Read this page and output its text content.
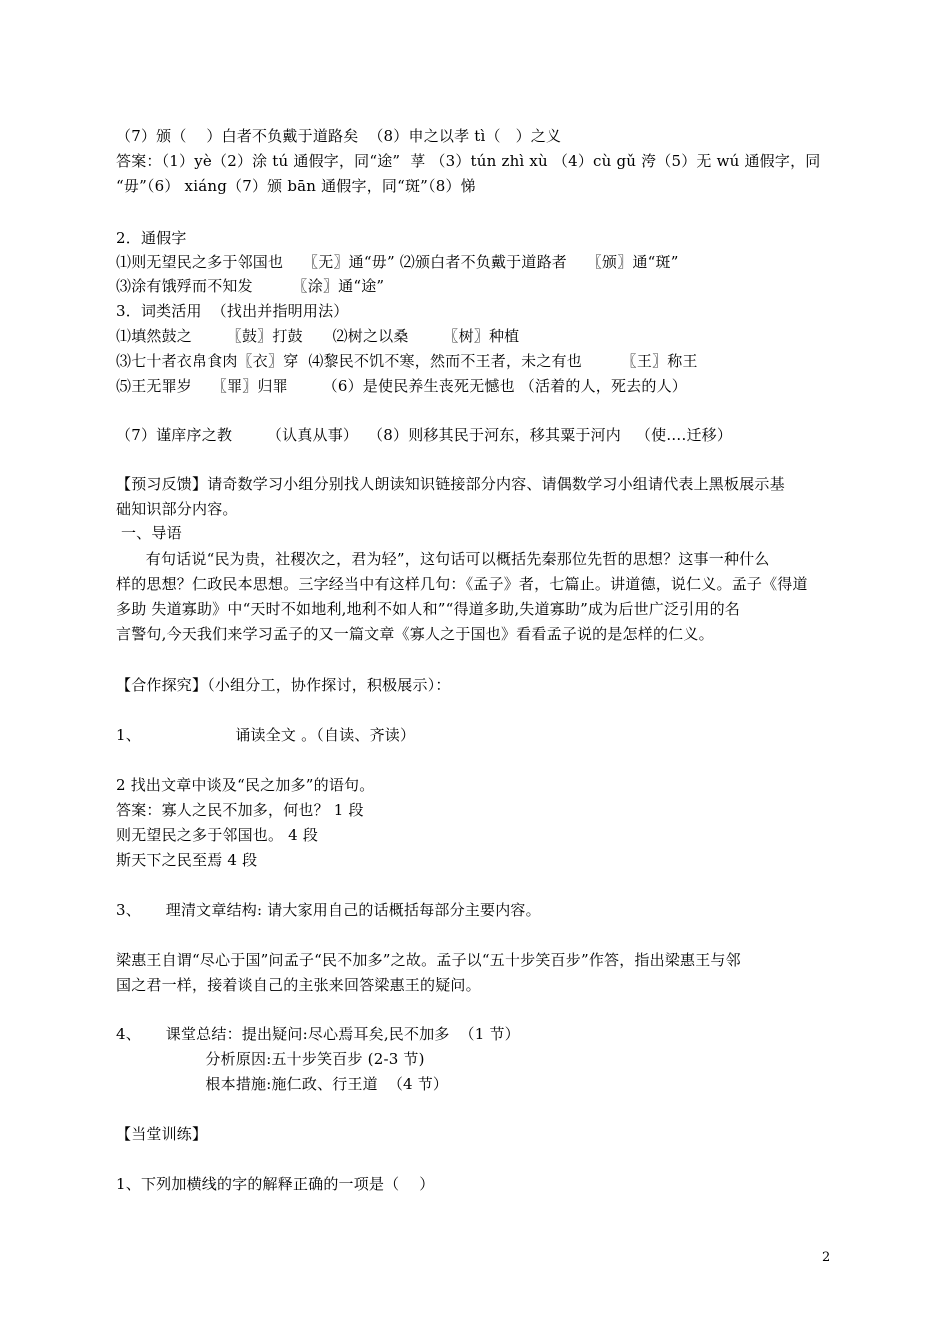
（7）颁（    ）白者不负戴于道路矣  （8）申之以孝 tì（   ）之义
答案：（1）yè（2）涂 tú 通假字，同“途”  莩 （3）tún zhì xù （4）cù gǔ 洿（5）无 wú 通假字，同
“毋”（6） xiáng（7）颁 bān 通假字，同“斑”（8）悌
2．通假字
⑴则无望民之多于邻国也    〖无〗通“毋” ⑵颁白者不负戴于道路者    〖颁〗通“斑”
⑶涂有饿殍而不知发        〖涂〗通“途”
3．词类活用  （找出并指明用法）
⑴填然鼓之       〖鼓〗打鼓      ⑵树之以桑       〖树〗种植
⑶七十者衣帛食肉〖衣〗穿  ⑷黎民不饥不寒，然而不王者，未之有也        〖王〗称王
⑸王无罪岁    〖罪〗归罪       （6）是使民养生丧死无憾也 （活着的人，死去的人）
（7）谨庠序之教       （认真从事）  （8）则移其民于河东，移其粟于河内   （使….迁移）
【预习反馈】请奇数学习小组分别找人朗读知识链接部分内容、请偶数学习小组请代表上黑板展示基
础知识部分内容。
一、导语
有句话说“民为贵，社稷次之，君为轻”，这句话可以概括先秦那位先哲的思想？这事一种什么
样的思想？仁政民本思想。三字经当中有这样几句：《孟子》者，七篇止。讲道德，说仁义。孟子《得道
多助 失道寡助》中“天时不如地利,地利不如人和”“得道多助,失道寡助”成为后世广泛引用的名
言警句,今天我们来学习孟子的又一篇文章《寡人之于国也》看看孟子说的是怎样的仁义。
【合作探究】（小组分工，协作探讨，积极展示）：
1、                   诵读全文 。（自读、齐读）
2 找出文章中谈及“民之加多”的语句。
答案：寡人之民不加多，何也？ 1 段
则无望民之多于邻国也。 4 段
斯天下之民至焉 4 段
3、     理清文章结构: 请大家用自己的话概括每部分主要内容。
梁惠王自谓“尽心于国”问孟子“民不加多”之故。孟子以“五十步笑百步”作答，指出梁惠王与邻
国之君一样，接着谈自己的主张来回答梁惠王的疑问。
4、     课堂总结：提出疑问:尽心焉耳矣,民不加多  （1 节）
分析原因:五十步笑百步 (2-3 节)
根本措施:施仁政、行王道  （4 节）
【当堂训练】
1、下列加横线的字的解释正确的一项是（    ）
2
